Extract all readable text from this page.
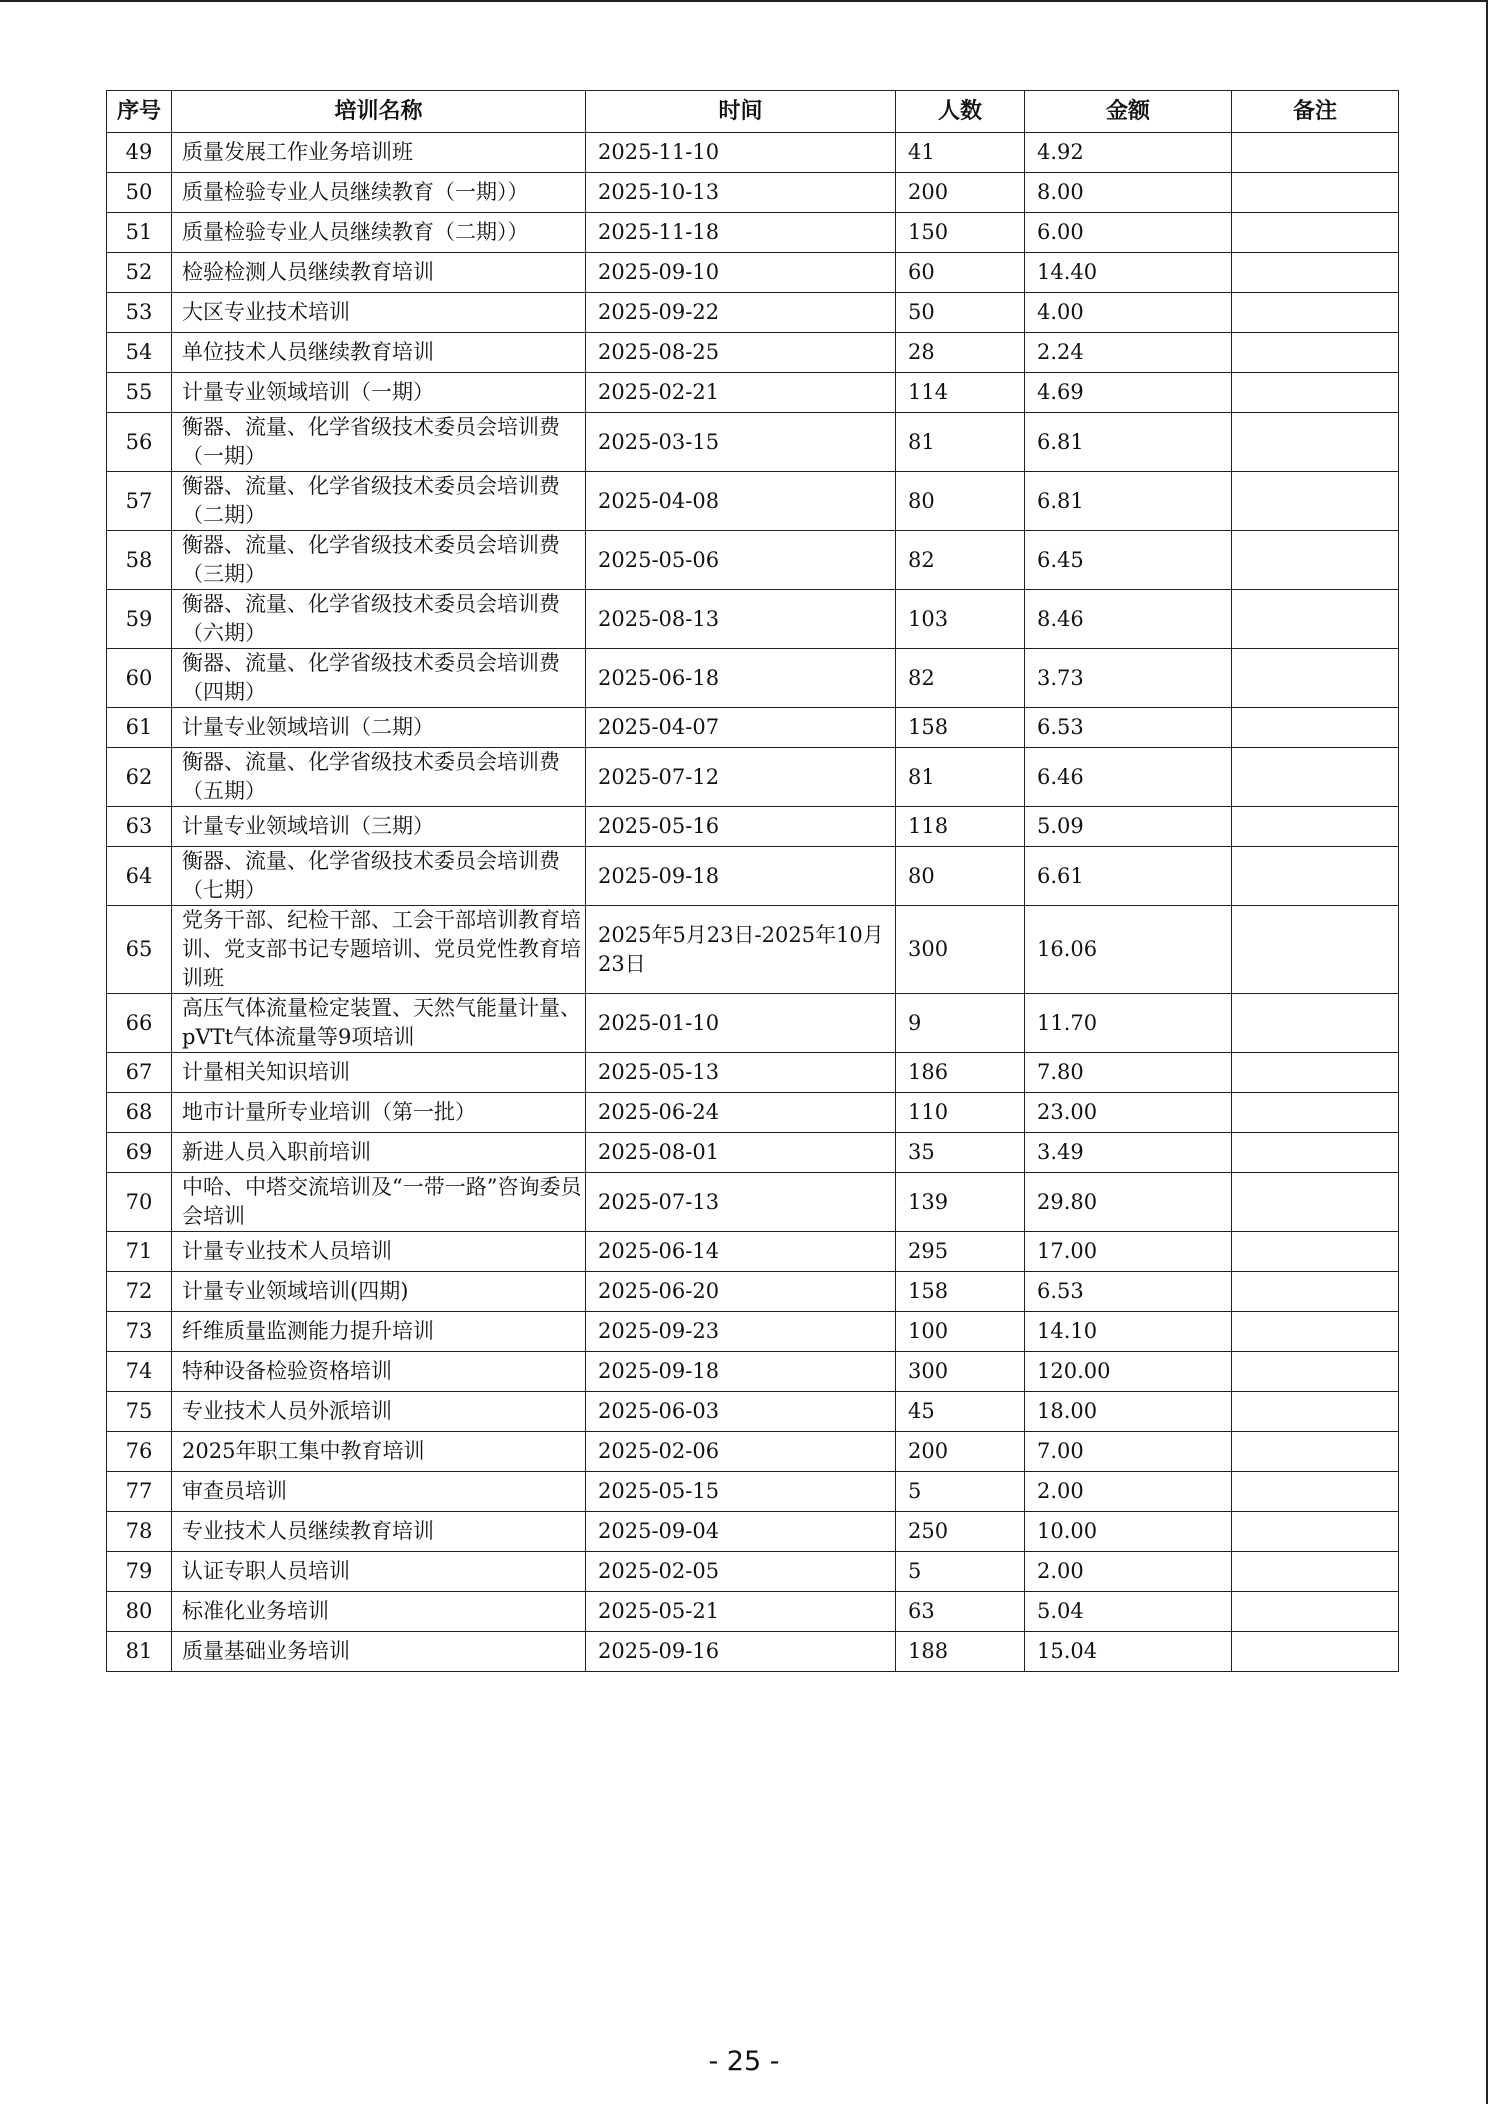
序号	培训名称	时间	人数	金额	备注
49	质量发展工作业务培训班	2025-11-10	41	4.92	
50	质量检验专业人员继续教育（一期））	2025-10-13	200	8.00	
51	质量检验专业人员继续教育（二期））	2025-11-18	150	6.00	
52	检验检测人员继续教育培训	2025-09-10	60	14.40	
53	大区专业技术培训	2025-09-22	50	4.00	
54	单位技术人员继续教育培训	2025-08-25	28	2.24	
55	计量专业领域培训（一期）	2025-02-21	114	4.69	
56	衡器、流量、化学省级技术委员会培训费（一期）	2025-03-15	81	6.81	
57	衡器、流量、化学省级技术委员会培训费（二期）	2025-04-08	80	6.81	
58	衡器、流量、化学省级技术委员会培训费（三期）	2025-05-06	82	6.45	
59	衡器、流量、化学省级技术委员会培训费（六期）	2025-08-13	103	8.46	
60	衡器、流量、化学省级技术委员会培训费（四期）	2025-06-18	82	3.73	
61	计量专业领域培训（二期）	2025-04-07	158	6.53	
62	衡器、流量、化学省级技术委员会培训费（五期）	2025-07-12	81	6.46	
63	计量专业领域培训（三期）	2025-05-16	118	5.09	
64	衡器、流量、化学省级技术委员会培训费（七期）	2025-09-18	80	6.61	
65	党务干部、纪检干部、工会干部培训教育培训、党支部书记专题培训、党员党性教育培训班	2025年5月23日-2025年10月23日	300	16.06	
66	高压气体流量检定装置、天然气能量计量、pVTt气体流量等9项培训	2025-01-10	9	11.70	
67	计量相关知识培训	2025-05-13	186	7.80	
68	地市计量所专业培训（第一批）	2025-06-24	110	23.00	
69	新进人员入职前培训	2025-08-01	35	3.49	
70	中哈、中塔交流培训及“一带一路”咨询委员会培训	2025-07-13	139	29.80	
71	计量专业技术人员培训	2025-06-14	295	17.00	
72	计量专业领域培训(四期)	2025-06-20	158	6.53	
73	纤维质量监测能力提升培训	2025-09-23	100	14.10	
74	特种设备检验资格培训	2025-09-18	300	120.00	
75	专业技术人员外派培训	2025-06-03	45	18.00	
76	2025年职工集中教育培训	2025-02-06	200	7.00	
77	审查员培训	2025-05-15	5	2.00	
78	专业技术人员继续教育培训	2025-09-04	250	10.00	
79	认证专职人员培训	2025-02-05	5	2.00	
80	标准化业务培训	2025-05-21	63	5.04	
81	质量基础业务培训	2025-09-16	188	15.04	
- 25 -
